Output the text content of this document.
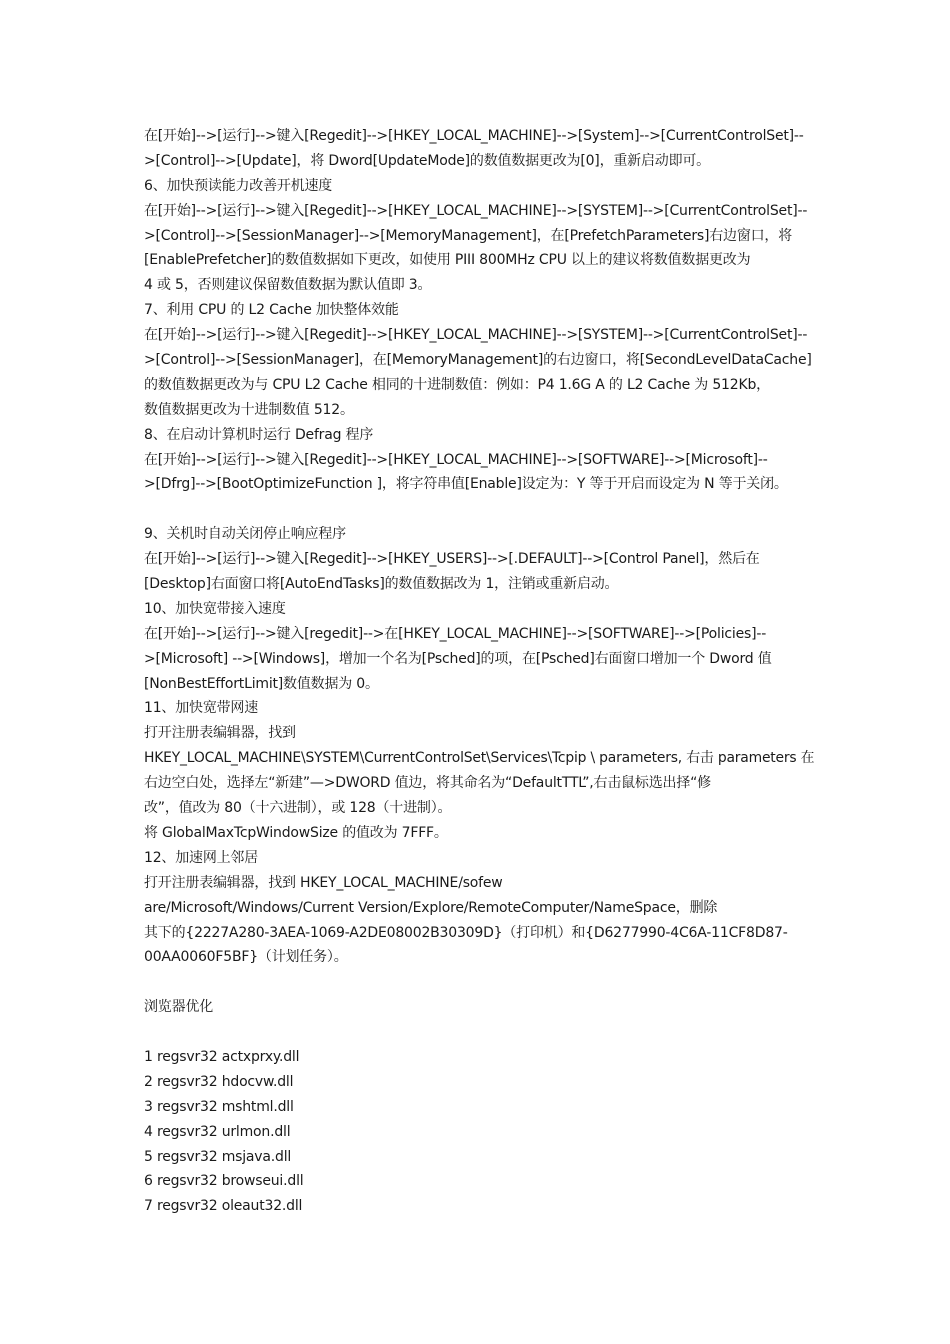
在[开始]-->[运行]-->键入[Regedit]-->[HKEY_LOCAL_MACHINE]-->[System]-->[CurrentControlSet]--
>[Control]-->[Update]，将 Dword[UpdateMode]的数值数据更改为[0]，重新启动即可。
6、加快预读能力改善开机速度
在[开始]-->[运行]-->键入[Regedit]-->[HKEY_LOCAL_MACHINE]-->[SYSTEM]-->[CurrentControlSet]--
>[Control]-->[SessionManager]-->[MemoryManagement]，在[PrefetchParameters]右边窗口，将
[EnablePrefetcher]的数值数据如下更改，如使用 PIII 800MHz CPU 以上的建议将数值数据更改为
4 或 5，否则建议保留数值数据为默认值即 3。
7、利用 CPU 的 L2 Cache 加快整体效能
在[开始]-->[运行]-->键入[Regedit]-->[HKEY_LOCAL_MACHINE]-->[SYSTEM]-->[CurrentControlSet]--
>[Control]-->[SessionManager]，在[MemoryManagement]的右边窗口，将[SecondLevelDataCache]
的数值数据更改为与 CPU L2 Cache 相同的十进制数值：例如：P4 1.6G A 的 L2 Cache 为 512Kb，
数值数据更改为十进制数值 512。
8、在启动计算机时运行 Defrag 程序
在[开始]-->[运行]-->键入[Regedit]-->[HKEY_LOCAL_MACHINE]-->[SOFTWARE]-->[Microsoft]--
>[Dfrg]-->[BootOptimizeFunction ]，将字符串值[Enable]设定为：Y 等于开启而设定为 N 等于关闭。
9、关机时自动关闭停止响应程序
在[开始]-->[运行]-->键入[Regedit]-->[HKEY_USERS]-->[.DEFAULT]-->[Control Panel]，然后在
[Desktop]右面窗口将[AutoEndTasks]的数值数据改为 1，注销或重新启动。
10、加快宽带接入速度
在[开始]-->[运行]-->键入[regedit]-->在[HKEY_LOCAL_MACHINE]-->[SOFTWARE]-->[Policies]--
>[Microsoft] -->[Windows]，增加一个名为[Psched]的项，在[Psched]右面窗口增加一个 Dword 值
[NonBestEffortLimit]数值数据为 0。
11、加快宽带网速
打开注册表编辑器，找到
HKEY_LOCAL_MACHINE\SYSTEM\CurrentControlSet\Services\Tcpip \ parameters, 右击 parameters 在
右边空白处，选择左“新建”—>DWORD 值边，将其命名为“DefaultTTL”,右击鼠标选出择“修
改”，值改为 80（十六进制），或 128（十进制）。
将 GlobalMaxTcpWindowSize 的值改为 7FFF。
12、加速网上邻居
打开注册表编辑器，找到 HKEY_LOCAL_MACHINE/sofew
are/Microsoft/Windows/Current Version/Explore/RemoteComputer/NameSpace，删除
其下的{2227A280-3AEA-1069-A2DE08002B30309D}（打印机）和{D6277990-4C6A-11CF8D87-
00AA0060F5BF}（计划任务）。
浏览器优化
1 regsvr32 actxprxy.dll
2 regsvr32 hdocvw.dll
3 regsvr32 mshtml.dll
4 regsvr32 urlmon.dll
5 regsvr32 msjava.dll
6 regsvr32 browseui.dll
7 regsvr32 oleaut32.dll
